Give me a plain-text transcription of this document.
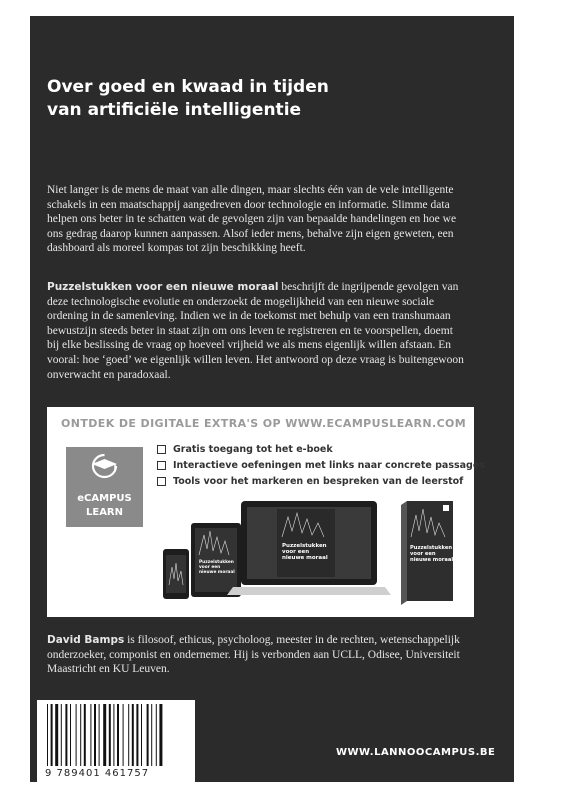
Over goed en kwaad in tijden
van artificiële intelligentie

Niet langer is de mens de maat van alle dingen, maar slechts één van de vele intelligente schakels in een maatschappij aangedreven door technologie en informatie. Slimme data helpen ons beter in te schatten wat de gevolgen zijn van bepaalde handelingen en hoe we ons gedrag daarop kunnen aanpassen. Alsof ieder mens, behalve zijn eigen geweten, een dashboard als moreel kompas tot zijn beschikking heeft.

Puzzelstukken voor een nieuwe moraal beschrijft de ingrijpende gevolgen van deze technologische evolutie en onderzoekt de mogelijkheid van een nieuwe sociale ordening in de samenleving. Indien we in de toekomst met behulp van een transhumaan bewustzijn steeds beter in staat zijn om ons leven te registreren en te voorspellen, doemt bij elke beslissing de vraag op hoeveel vrijheid we als mens eigenlijk willen afstaan. En vooral: hoe ‘goed’ we eigenlijk willen leven. Het antwoord op deze vraag is buitengewoon onverwacht en paradoxaal.

ONTDEK DE DIGITALE EXTRA'S OP WWW.ECAMPUSLEARN.COM
eCAMPUS
LEARN
Gratis toegang tot het e-boek
Interactieve oefeningen met links naar concrete passages
Tools voor het markeren en bespreken van de leerstof
Puzzelstukken
voor een
nieuwe moraal
Puzzelstukken
voor een
nieuwe moraal
Puzzelstukken
voor een
nieuwe moraal

David Bamps is filosoof, ethicus, psycholoog, meester in de rechten, wetenschappelijk onderzoeker, componist en ondernemer. Hij is verbonden aan UCLL, Odisee, Universiteit Maastricht en KU Leuven.

9 789401 461757
WWW.LANNOOCAMPUS.BE
